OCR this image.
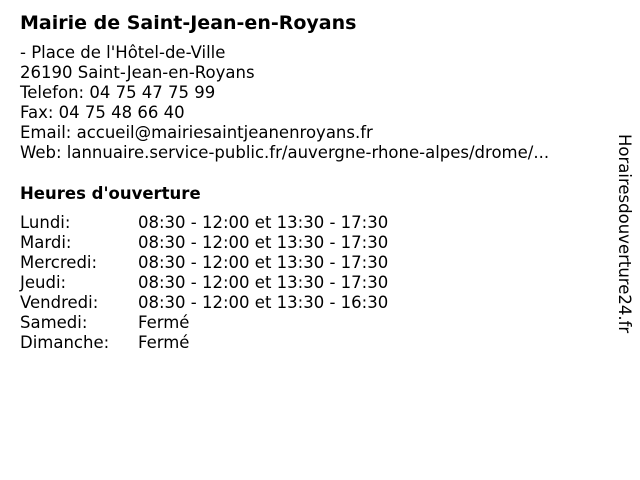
Mairie de Saint-Jean-en-Royans
- Place de l'Hôtel-de-Ville
26190 Saint-Jean-en-Royans
Telefon: 04 75 47 75 99
Fax: 04 75 48 66 40
Email: accueil@mairiesaintjeanenroyans.fr
Web: lannuaire.service-public.fr/auvergne-rhone-alpes/drome/...
Heures d'ouverture
Lundi:	08:30 - 12:00 et 13:30 - 17:30
Mardi:	08:30 - 12:00 et 13:30 - 17:30
Mercredi: 08:30 - 12:00 et 13:30 - 17:30
Jeudi:	08:30 - 12:00 et 13:30 - 17:30
Vendredi: 08:30 - 12:00 et 13:30 - 16:30
Samedi:	Fermé
Dimanche: Fermé
Horairesdouverture24.fr
